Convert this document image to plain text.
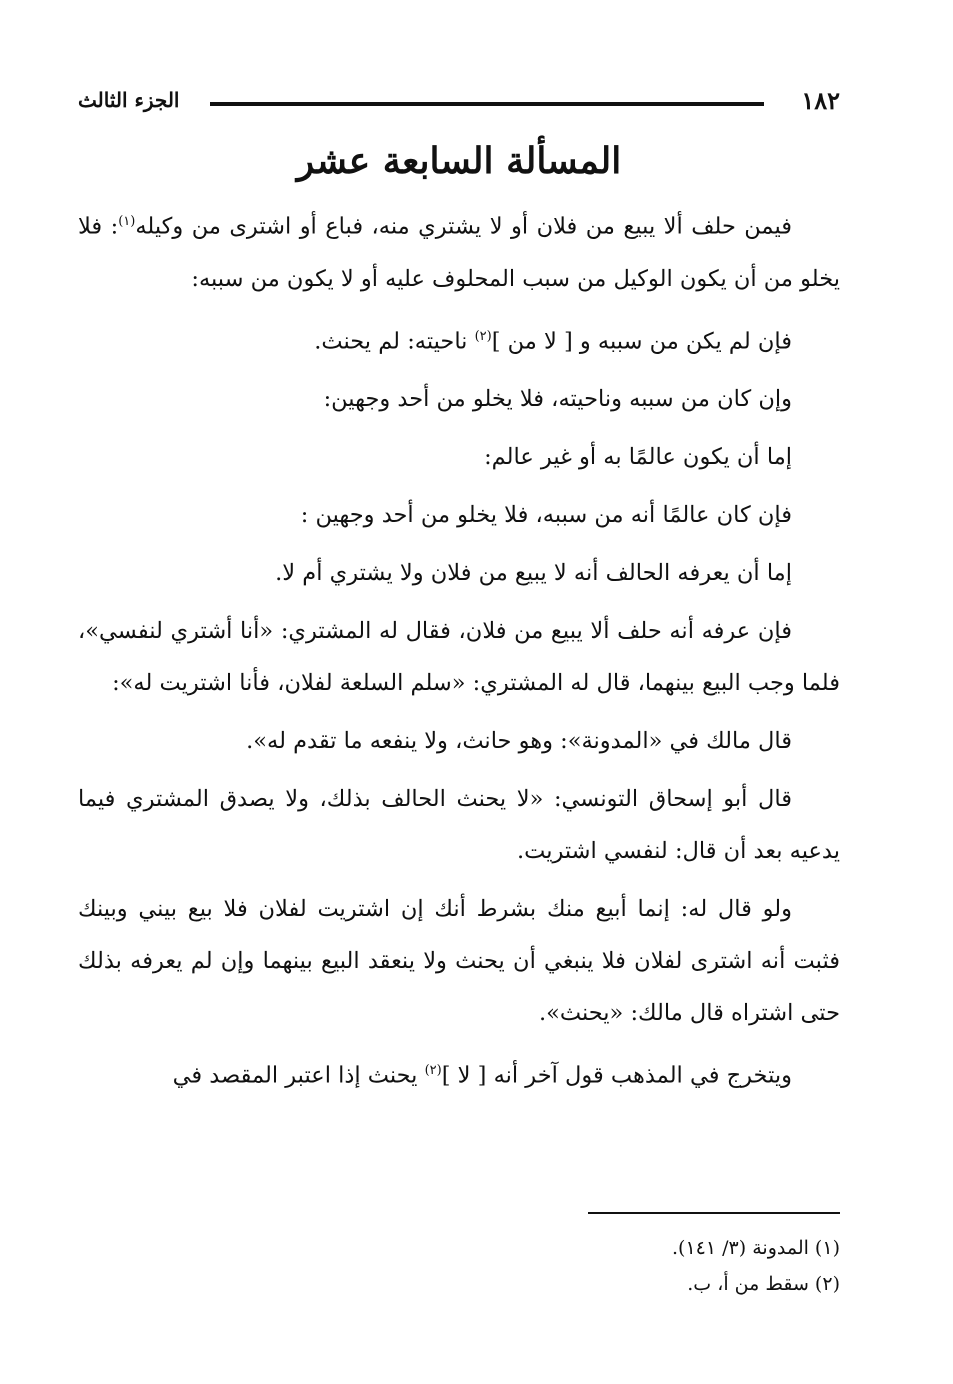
١٨٢
الجزء الثالث
المسألة السابعة عشر

فيمن حلف ألا يبيع من فلان أو لا يشتري منه، فباع أو اشترى من وكيله$^{(١)}$: فلا يخلو من أن يكون الوكيل من سبب المحلوف عليه أو لا يكون من سببه:

فإن لم يكن من سببه و [ لا من ]$^{(٢)}$ ناحيته: لم يحنث.

وإن كان من سببه وناحيته، فلا يخلو من أحد وجهين:

إما أن يكون عالمًا به أو غير عالم:

فإن كان عالمًا أنه من سببه، فلا يخلو من أحد وجهين :

إما أن يعرفه الحالف أنه لا يبيع من فلان ولا يشتري أم لا.

فإن عرفه أنه حلف ألا يبيع من فلان، فقال له المشتري: «أنا أشتري لنفسي»، فلما وجب البيع بينهما، قال له المشتري: «سلم السلعة لفلان، فأنا اشتريت له»:

قال مالك في «المدونة»: وهو حانث، ولا ينفعه ما تقدم له».

قال أبو إسحاق التونسي: «لا يحنث الحالف بذلك، ولا يصدق المشتري فيما يدعيه بعد أن قال: لنفسي اشتريت.

ولو قال له: إنما أبيع منك بشرط أنك إن اشتريت لفلان فلا بيع بيني وبينك فثبت أنه اشترى لفلان فلا ينبغي أن يحنث ولا ينعقد البيع بينهما وإن لم يعرفه بذلك حتى اشتراه قال مالك: «يحنث».

ويتخرج في المذهب قول آخر أنه [ لا ]$^{(٢)}$ يحنث إذا اعتبر المقصد في

(١) المدونة (٣/ ١٤١).

(٢) سقط من أ، ب.
